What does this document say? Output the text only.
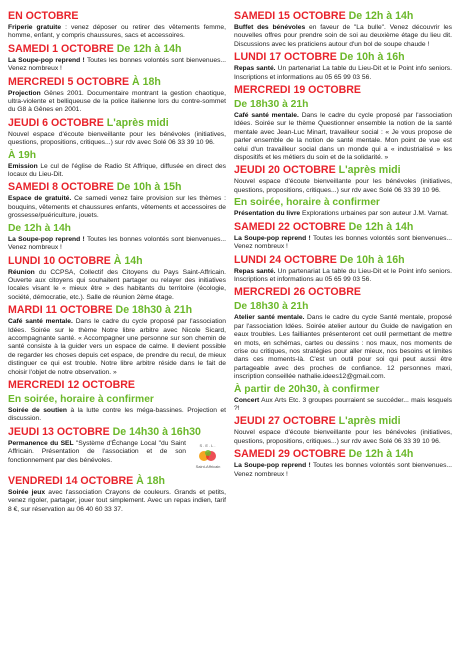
EN OCTOBRE
Friperie gratuite : venez déposer ou retirer des vêtements femme, homme, enfant, y compris chaussures, sacs et accessoires.
SAMEDI 1 OCTOBRE De 12h à 14h
La Soupe-pop reprend ! Toutes les bonnes volontés sont bienvenues... Venez nombreux !
MERCREDI 5 OCTOBRE À 18h
Projection Gênes 2001. Documentaire montrant la gestion chaotique, ultra-violente et belliqueuse de la police italienne lors du contre-sommet du G8 à Gênes en 2001.
JEUDI 6 OCTOBRE L'après midi
Nouvel espace d'écoute bienveillante pour les bénévoles (initiatives, questions, propositions, critiques...) sur rdv avec Solé 06 33 39 10 96.
À 19h
Emission Le cul de l'église de Radio St Affrique, diffusée en direct des locaux du Lieu-Dit.
SAMEDI 8 OCTOBRE De 10h à 15h
Espace de gratuité. Ce samedi venez faire provision sur les thèmes : bouquins, vêtements et chaussures enfants, vêtements et accessoires de grossesse/puériculture, jouets.
De 12h à 14h
La Soupe-pop reprend ! Toutes les bonnes volontés sont bienvenues... Venez nombreux !
LUNDI 10 OCTOBRE À 14h
Réunion du CCPSA, Collectif des Citoyens du Pays Saint-Affricain. Ouverte aux citoyens qui souhaitent partager ou relayer des initiatives locales visant le « mieux être » des habitants du territoire (écologie, société, démocratie, etc.). Salle de réunion 2ème étage.
MARDI 11 OCTOBRE De 18h30 à 21h
Café santé mentale. Dans le cadre du cycle proposé par l'association Idées. Soirée sur le thème Notre libre arbitre avec Nicole Sicard, accompagnante santé. « Accompagner une personne sur son chemin de santé consiste à la guider vers un espace de calme. Il devient possible de regarder les choses depuis cet espace, de prendre du recul, de mieux distinguer ce qui est trouble. Notre libre arbitre réside dans le fait de choisir l'objet de notre observation. »
MERCREDI 12 OCTOBRE
En soirée, horaire à confirmer
Soirée de soutien à la lutte contre les méga-bassines. Projection et discussion.
JEUDI 13 OCTOBRE De 14h30 à 16h30
Permanence du SEL "Système d'Échange Local "du Saint Affricain. Présentation de l'association et de son fonctionnement par des bénévoles.
S.E.L.
Saint-Affricain
VENDREDI 14 OCTOBRE À 18h
Soirée jeux avec l'association Crayons de couleurs. Grands et petits, venez rigoler, partager, jouer tout simplement. Avec un repas indien, tarif 8 €, sur réservation au 06 40 60 33 37.
SAMEDI 15 OCTOBRE De 12h à 14h
Buffet des bénévoles en faveur de "La bulle". Venez découvrir les nouvelles offres pour prendre soin de soi au deuxième étage du lieu dit. Discussions avec les praticiens autour d'un bol de soupe chaude !
LUNDI 17 OCTOBRE De 10h à 16h
Repas santé. Un partenariat La table du Lieu-Dit et le Point info seniors. Inscriptions et informations au 05 65 99 03 56.
MERCREDI 19 OCTOBRE
De 18h30 à 21h
Café santé mentale. Dans le cadre du cycle proposé par l'association Idées. Soirée sur le thème Questionner ensemble la notion de la santé mentale avec Jean-Luc Minart, travailleur social : « Je vous propose de parler ensemble de la notion de santé mentale. Mon point de vue est celui d'un travailleur social dans un monde qui a « industrialisé » les dispositifs et les métiers du soin et de la solidarité. »
JEUDI 20 OCTOBRE L'après midi
Nouvel espace d'écoute bienveillante pour les bénévoles (initiatives, questions, propositions, critiques...) sur rdv avec Solé 06 33 39 10 96.
En soirée, horaire à confirmer
Présentation du livre Explorations urbaines par son auteur J.M. Varnat.
SAMEDI 22 OCTOBRE De 12h à 14h
La Soupe-pop reprend ! Toutes les bonnes volontés sont bienvenues... Venez nombreux !
LUNDI 24 OCTOBRE De 10h à 16h
Repas santé. Un partenariat La table du Lieu-Dit et le Point info seniors. Inscriptions et informations au 05 65 99 03 56.
MERCREDI 26 OCTOBRE
De 18h30 à 21h
Atelier santé mentale. Dans le cadre du cycle Santé mentale, proposé par l'association Idées. Soirée atelier autour du Guide de navigation en eaux troubles. Les failliantes présenteront cet outil permettant de mettre en mots, en schémas, cartes ou dessins : nos maux, nos moments de crise ou critiques, nos stratégies pour aller mieux, nos besoins et limites dans ces moments-là. C'est un outil pour soi qui peut aussi être partageable avec des proches de confiance. 12 personnes maxi, inscription conseillée nathalie.idees12@gmail.com.
À partir de 20h30, à confirmer
Concert Aux Arts Etc. 3 groupes pourraient se succéder... mais lesquels ?!
JEUDI 27 OCTOBRE L'après midi
Nouvel espace d'écoute bienveillante pour les bénévoles (initiatives, questions, propositions, critiques...) sur rdv avec Solé 06 33 39 10 96.
SAMEDI 29 OCTOBRE De 12h à 14h
La Soupe-pop reprend ! Toutes les bonnes volontés sont bienvenues... Venez nombreux !
